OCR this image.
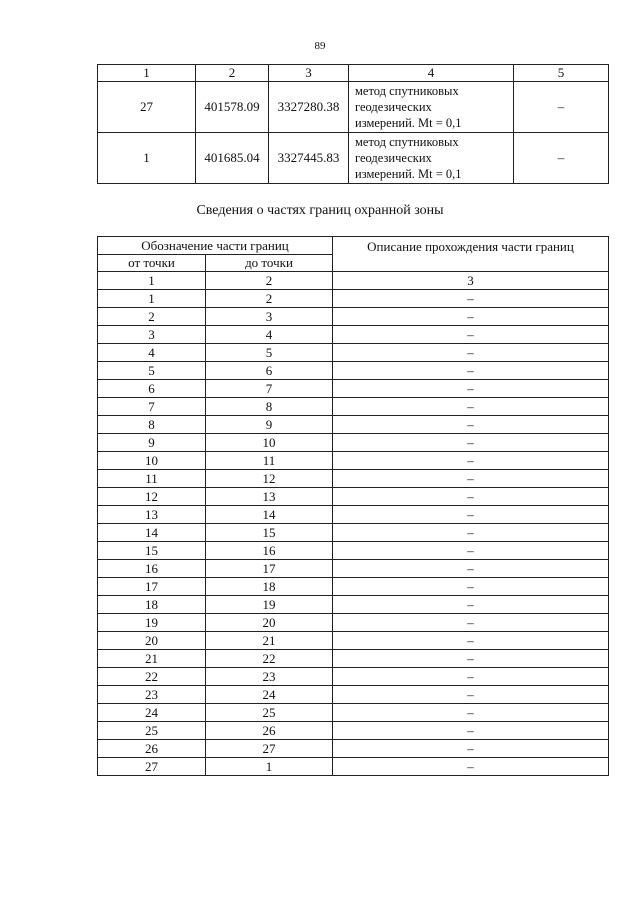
89
1	2	3	4	5
27	401578.09	3327280.38	метод спутниковых
геодезических
измерений. Mt = 0,1	–
1	401685.04	3327445.83	метод спутниковых
геодезических
измерений. Mt = 0,1	–
Сведения о частях границ охранной зоны
Обозначение части границ		Описание прохождения части границ
от точки	до точки	
1	2	3
1	2	–
2	3	–
3	4	–
4	5	–
5	6	–
6	7	–
7	8	–
8	9	–
9	10	–
10	11	–
11	12	–
12	13	–
13	14	–
14	15	–
15	16	–
16	17	–
17	18	–
18	19	–
19	20	–
20	21	–
21	22	–
22	23	–
23	24	–
24	25	–
25	26	–
26	27	–
27	1	–
